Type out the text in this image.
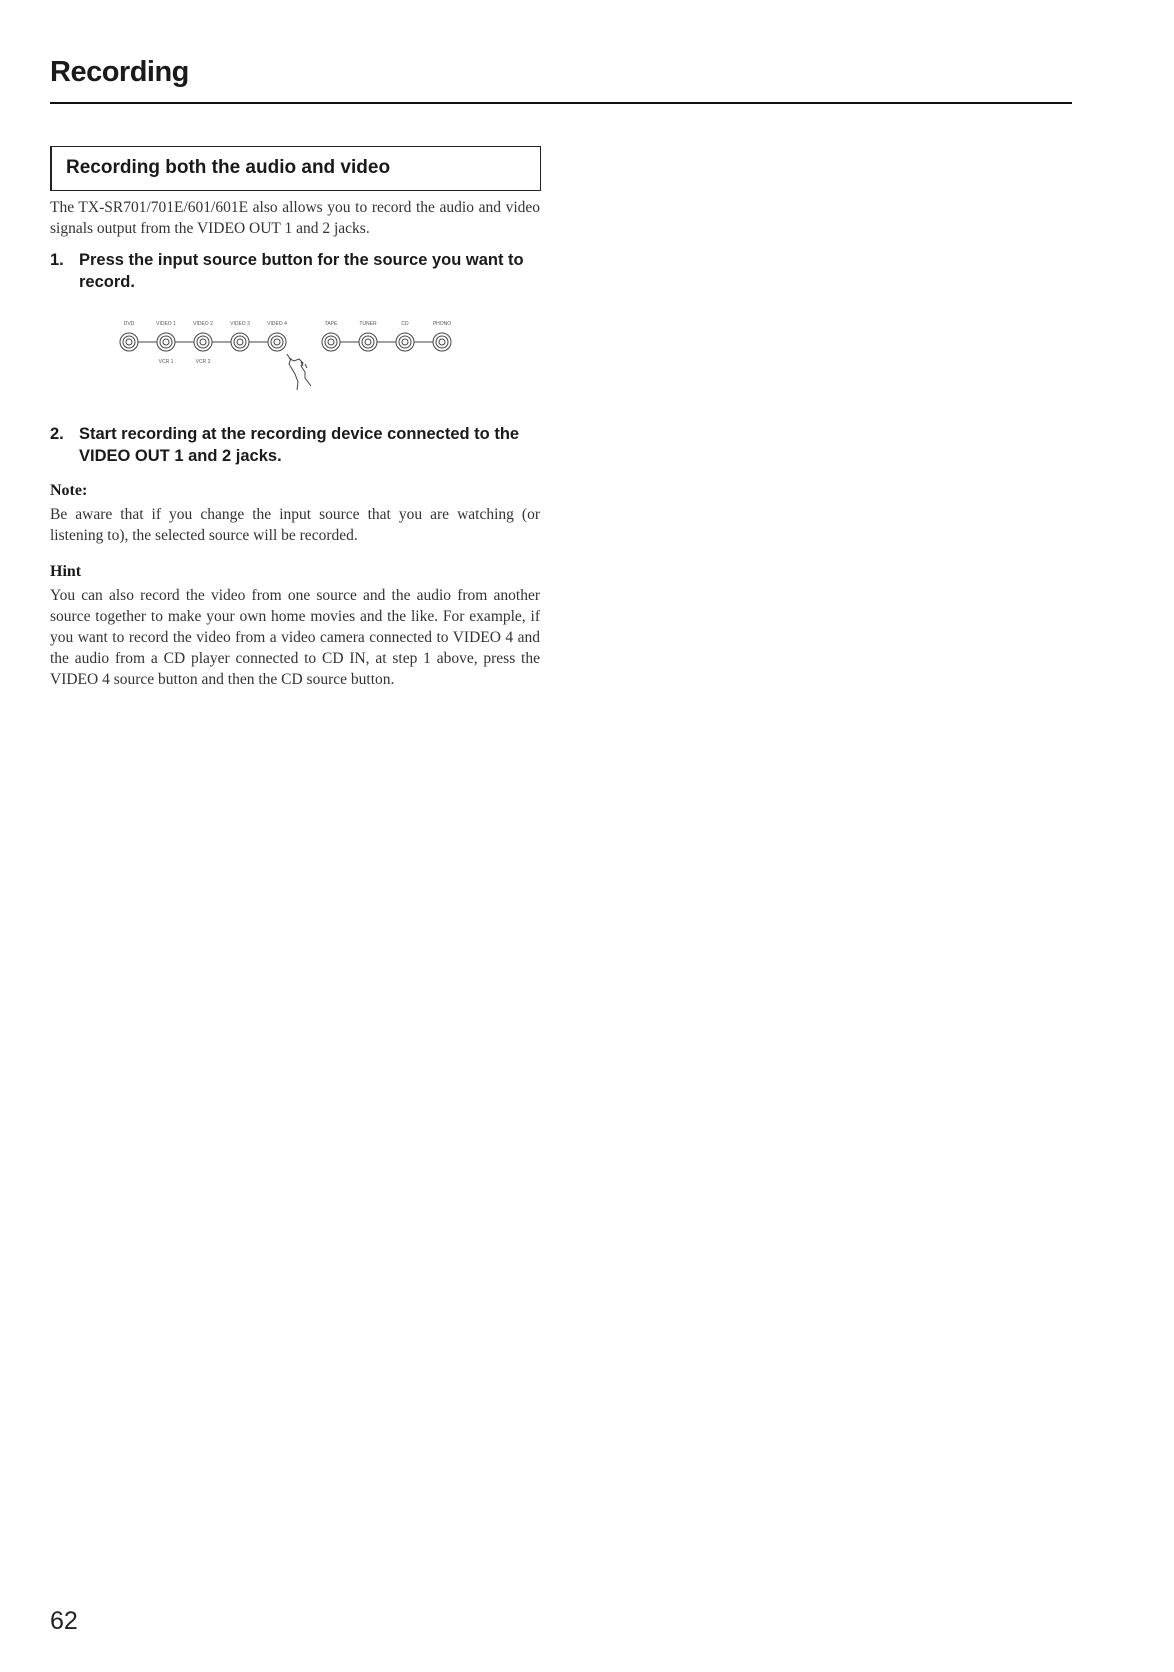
Recording
Recording both the audio and video

The TX-SR701/701E/601/601E also allows you to record the audio and video signals output from the VIDEO OUT 1 and 2 jacks.

1. Press the input source button for the source you want to record.
DVD	VIDEO 1	VIDEO 2	VIDEO 3	VIDEO 4	TAPE	TUNER	CD	PHONO
VCR 1	VCR 2
2. Start recording at the recording device connected to the VIDEO OUT 1 and 2 jacks.

Note:

Be aware that if you change the input source that you are watching (or listening to), the selected source will be recorded.

Hint

You can also record the video from one source and the audio from another source together to make your own home movies and the like. For example, if you want to record the video from a video camera connected to VIDEO 4 and the audio from a CD player connected to CD IN, at step 1 above, press the VIDEO 4 source button and then the CD source button.

62
